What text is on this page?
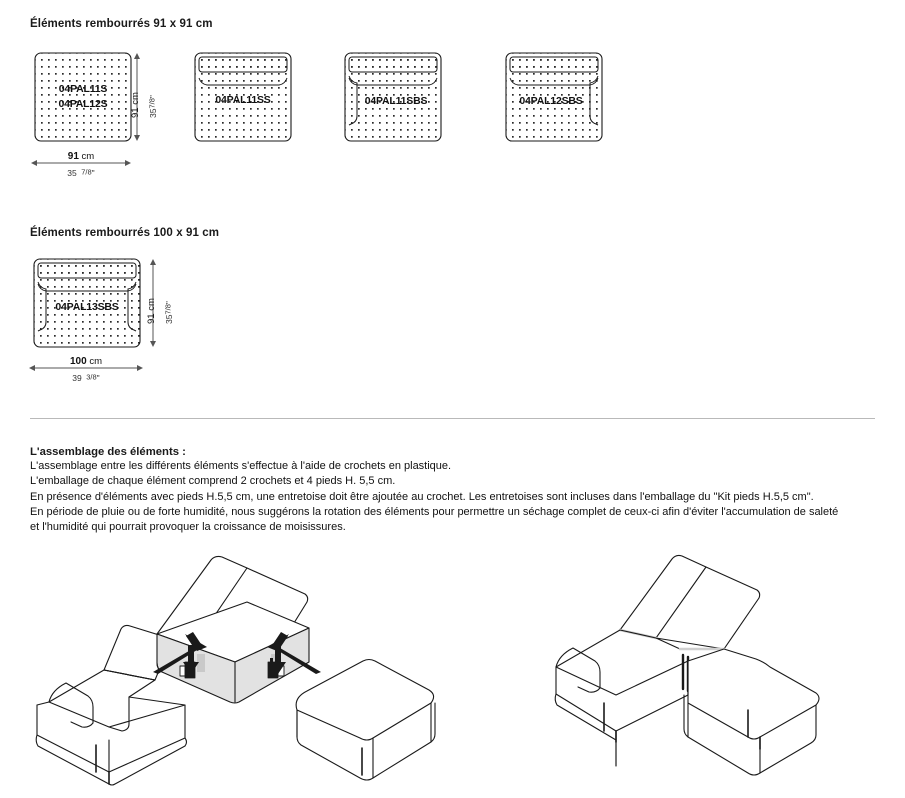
Éléments rembourrés 91 x 91 cm
04PAL11S
04PAL12S 91 cm 357/8"
91 cm
35 7/8"
04PAL11SS	04PAL11SBS	04PAL12SBS
Éléments rembourrés 100 x 91 cm
04PAL13SBS	91 cm 357/8"
100 cm
39 3/8"
L'assemblage des éléments :
L'assemblage entre les différents éléments s'effectue à l'aide de crochets en plastique.
L'emballage de chaque élément comprend 2 crochets et 4 pieds H. 5,5 cm.
En présence d'éléments avec pieds H.5,5 cm, une entretoise doit être ajoutée au crochet. Les entretoises sont incluses dans l'emballage du "Kit pieds H.5,5 cm".
En période de pluie ou de forte humidité, nous suggérons la rotation des éléments pour permettre un séchage complet de ceux-ci afin d'éviter l'accumulation de saleté
et l'humidité qui pourrait provoquer la croissance de moisissures.
